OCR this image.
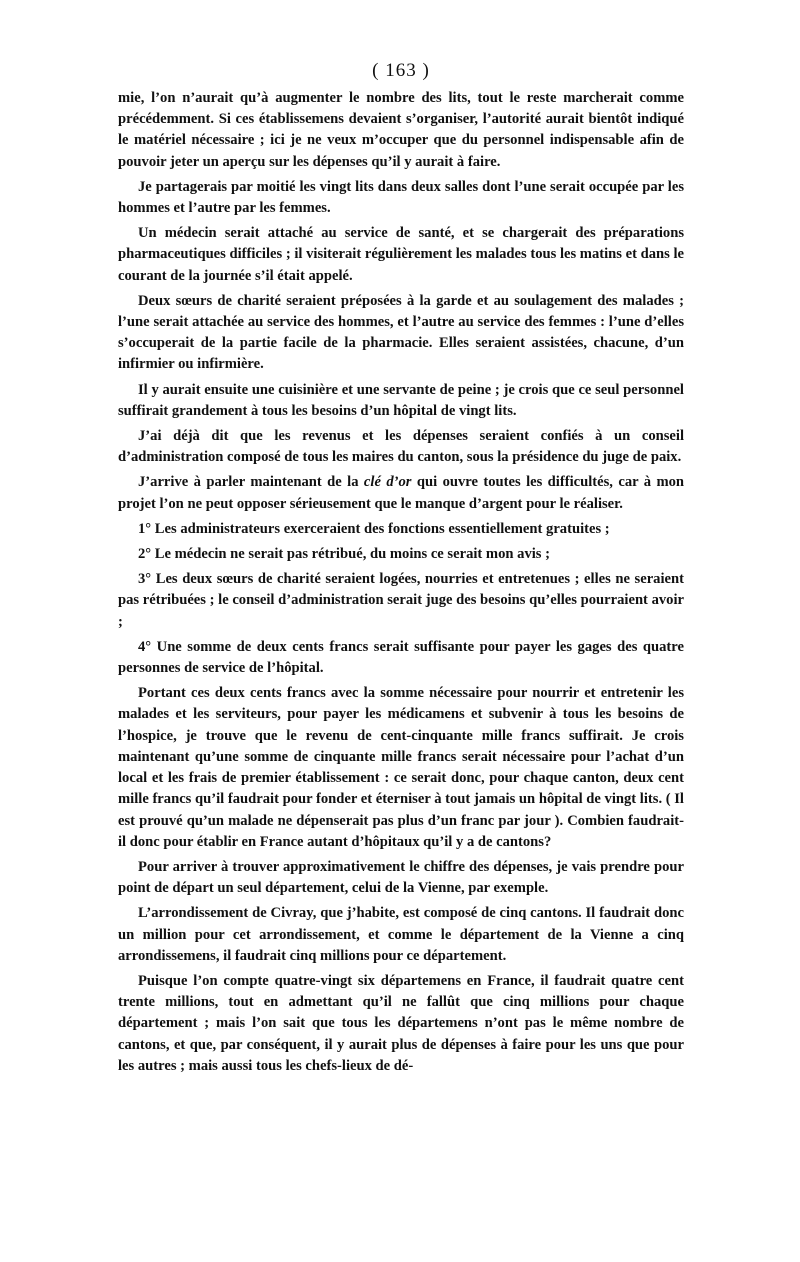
( 163 )

mie, l’on n’aurait qu’à augmenter le nombre des lits, tout le reste marcherait comme précédemment. Si ces établissemens devaient s’organiser, l’autorité aurait bientôt indiqué le matériel nécessaire ; ici je ne veux m’occuper que du personnel indispensable afin de pouvoir jeter un aperçu sur les dépenses qu’il y aurait à faire.

Je partagerais par moitié les vingt lits dans deux salles dont l’une serait occupée par les hommes et l’autre par les femmes.

Un médecin serait attaché au service de santé, et se chargerait des préparations pharmaceutiques difficiles ; il visiterait régulièrement les malades tous les matins et dans le courant de la journée s’il était appelé.

Deux sœurs de charité seraient préposées à la garde et au soulagement des malades ; l’une serait attachée au service des hommes, et l’autre au service des femmes : l’une d’elles s’occuperait de la partie facile de la pharmacie. Elles seraient assistées, chacune, d’un infirmier ou infirmière.

Il y aurait ensuite une cuisinière et une servante de peine ; je crois que ce seul personnel suffirait grandement à tous les besoins d’un hôpital de vingt lits.

J’ai déjà dit que les revenus et les dépenses seraient confiés à un conseil d’administration composé de tous les maires du canton, sous la présidence du juge de paix.

J’arrive à parler maintenant de la clé d’or qui ouvre toutes les difficultés, car à mon projet l’on ne peut opposer sérieusement que le manque d’argent pour le réaliser.

1° Les administrateurs exerceraient des fonctions essentiellement gratuites ;

2° Le médecin ne serait pas rétribué, du moins ce serait mon avis ;

3° Les deux sœurs de charité seraient logées, nourries et entretenues ; elles ne seraient pas rétribuées ; le conseil d’administration serait juge des besoins qu’elles pourraient avoir ;

4° Une somme de deux cents francs serait suffisante pour payer les gages des quatre personnes de service de l’hôpital.

Portant ces deux cents francs avec la somme nécessaire pour nourrir et entretenir les malades et les serviteurs, pour payer les médicamens et subvenir à tous les besoins de l’hospice, je trouve que le revenu de cent-cinquante mille francs suffirait. Je crois maintenant qu’une somme de cinquante mille francs serait nécessaire pour l’achat d’un local et les frais de premier établissement : ce serait donc, pour chaque canton, deux cent mille francs qu’il faudrait pour fonder et éterniser à tout jamais un hôpital de vingt lits. ( Il est prouvé qu’un malade ne dépenserait pas plus d’un franc par jour ). Combien faudrait-il donc pour établir en France autant d’hôpitaux qu’il y a de cantons?

Pour arriver à trouver approximativement le chiffre des dépenses, je vais prendre pour point de départ un seul département, celui de la Vienne, par exemple.

L’arrondissement de Civray, que j’habite, est composé de cinq cantons. Il faudrait donc un million pour cet arrondissement, et comme le département de la Vienne a cinq arrondissemens, il faudrait cinq millions pour ce département.

Puisque l’on compte quatre-vingt six départemens en France, il faudrait quatre cent trente millions, tout en admettant qu’il ne fallût que cinq millions pour chaque département ; mais l’on sait que tous les départemens n’ont pas le même nombre de cantons, et que, par conséquent, il y aurait plus de dépenses à faire pour les uns que pour les autres ; mais aussi tous les chefs-lieux de dé-
